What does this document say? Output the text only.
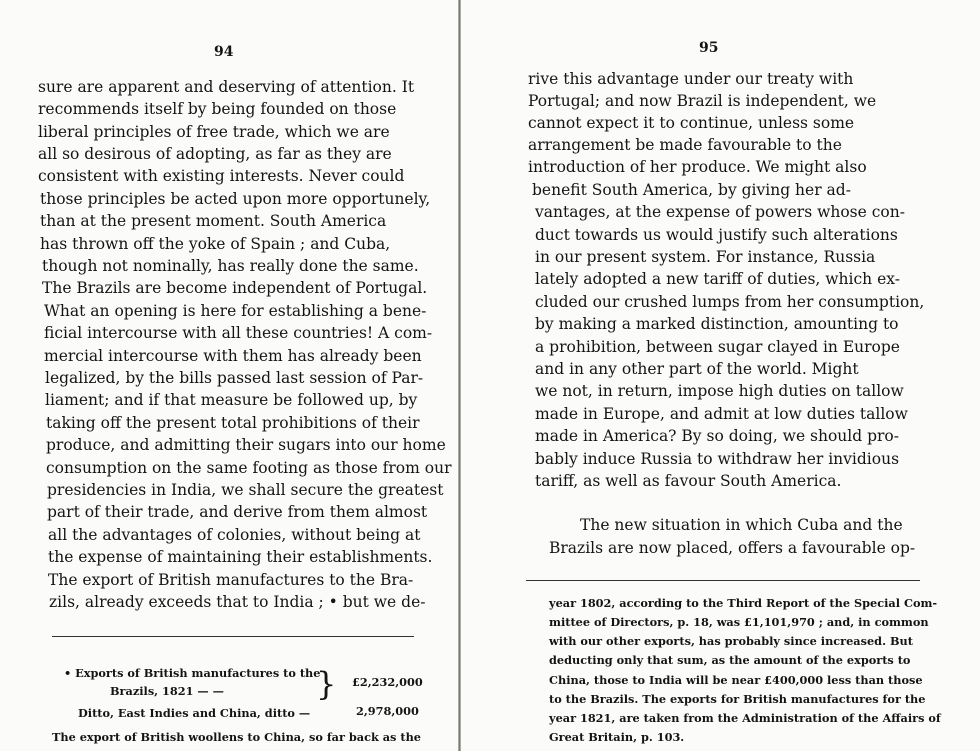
94
sure are apparent and deserving of attention. It
recommends itself by being founded on those
liberal principles of free trade, which we are
all so desirous of adopting, as far as they are
consistent with existing interests. Never could
those principles be acted upon more opportunely,
than at the present moment. South America
has thrown off the yoke of Spain ; and Cuba,
though not nominally, has really done the same.
The Brazils are become independent of Portugal.
What an opening is here for establishing a bene-
ficial intercourse with all these countries! A com-
mercial intercourse with them has already been
legalized, by the bills passed last session of Par-
liament; and if that measure be followed up, by
taking off the present total prohibitions of their
produce, and admitting their sugars into our home
consumption on the same footing as those from our
presidencies in India, we shall secure the greatest
part of their trade, and derive from them almost
all the advantages of colonies, without being at
the expense of maintaining their establishments.
The export of British manufactures to the Bra-
zils, already exceeds that to India ; • but we de-
• Exports of British manufactures to the
Brazils, 1821 — —	} £2,232,000
Ditto, East Indies and China, ditto —	2,978,000
The export of British woollens to China, so far back as the
95
rive this advantage under our treaty with
Portugal; and now Brazil is independent, we
cannot expect it to continue, unless some
arrangement be made favourable to the
introduction of her produce. We might also
benefit South America, by giving her ad-
vantages, at the expense of powers whose con-
duct towards us would justify such alterations
in our present system. For instance, Russia
lately adopted a new tariff of duties, which ex-
cluded our crushed lumps from her consumption,
by making a marked distinction, amounting to
a prohibition, between sugar clayed in Europe
and in any other part of the world. Might
we not, in return, impose high duties on tallow
made in Europe, and admit at low duties tallow
made in America? By so doing, we should pro-
bably induce Russia to withdraw her invidious
tariff, as well as favour South America.
The new situation in which Cuba and the
Brazils are now placed, offers a favourable op-
year 1802, according to the Third Report of the Special Com-
mittee of Directors, p. 18, was £1,101,970 ; and, in common
with our other exports, has probably since increased. But
deducting only that sum, as the amount of the exports to
China, those to India will be near £400,000 less than those
to the Brazils. The exports for British manufactures for the
year 1821, are taken from the Administration of the Affairs of
Great Britain, p. 103.
